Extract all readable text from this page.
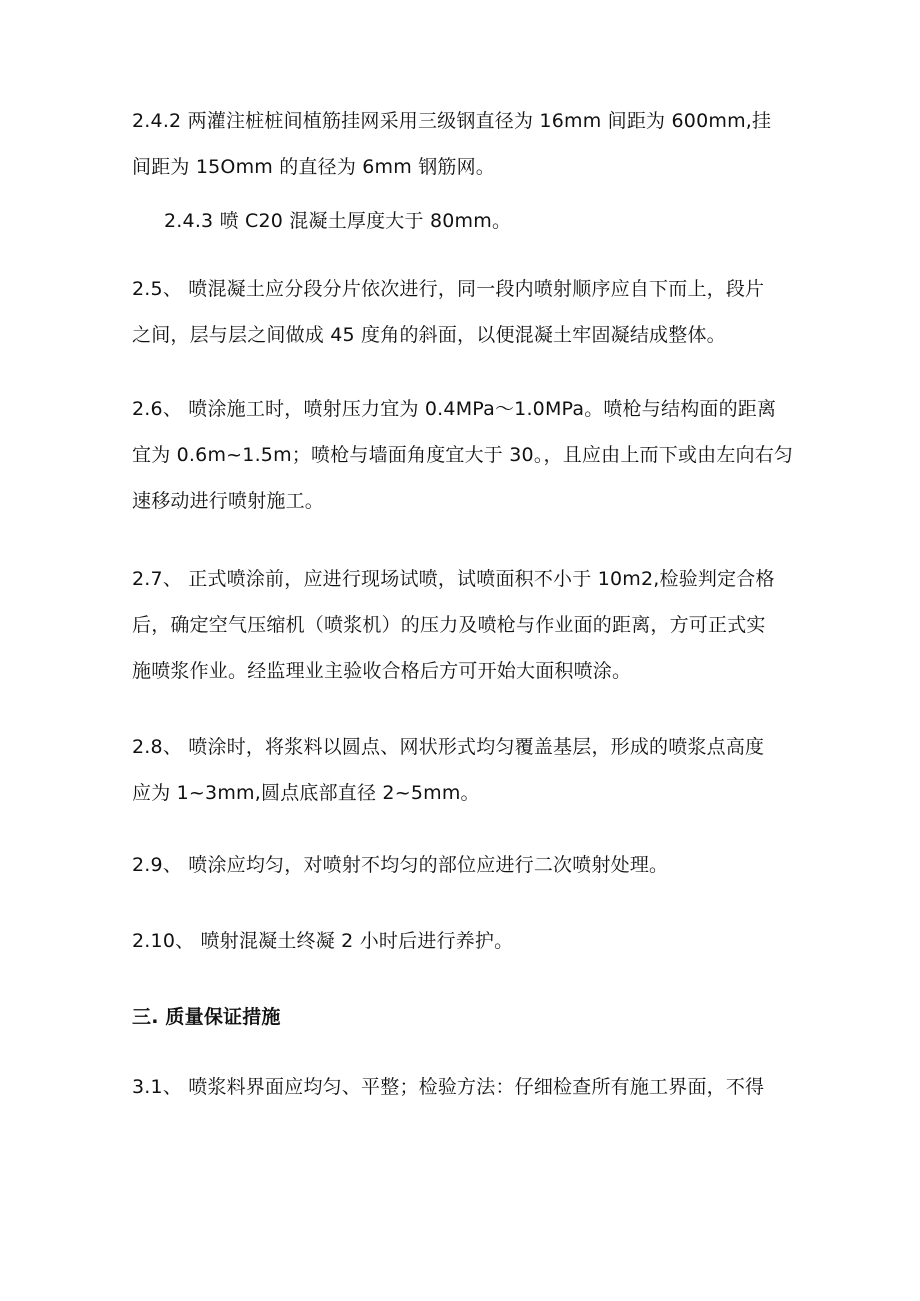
2.4.2 两灌注桩桩间植筋挂网采用三级钢直径为 16mm 间距为 600mm,挂
间距为 15Omm 的直径为 6mm 钢筋网。
2.4.3 喷 C20 混凝土厚度大于 80mm。
2.5、 喷混凝土应分段分片依次进行，同一段内喷射顺序应自下而上，段片
之间，层与层之间做成 45 度角的斜面，以便混凝土牢固凝结成整体。
2.6、 喷涂施工时，喷射压力宜为 0.4MPa～1.0MPa。喷枪与结构面的距离
宜为 0.6m~1.5m；喷枪与墙面角度宜大于 30。，且应由上而下或由左向右匀
速移动进行喷射施工。
2.7、 正式喷涂前，应进行现场试喷，试喷面积不小于 10m2,检验判定合格
后，确定空气压缩机（喷浆机）的压力及喷枪与作业面的距离，方可正式实
施喷浆作业。经监理业主验收合格后方可开始大面积喷涂。
2.8、 喷涂时，将浆料以圆点、网状形式均匀覆盖基层，形成的喷浆点高度
应为 1~3mm,圆点底部直径 2~5mm。
2.9、 喷涂应均匀，对喷射不均匀的部位应进行二次喷射处理。
2.10、 喷射混凝土终凝 2 小时后进行养护。
三. 质量保证措施
3.1、 喷浆料界面应均匀、平整；检验方法：仔细检查所有施工界面，不得
